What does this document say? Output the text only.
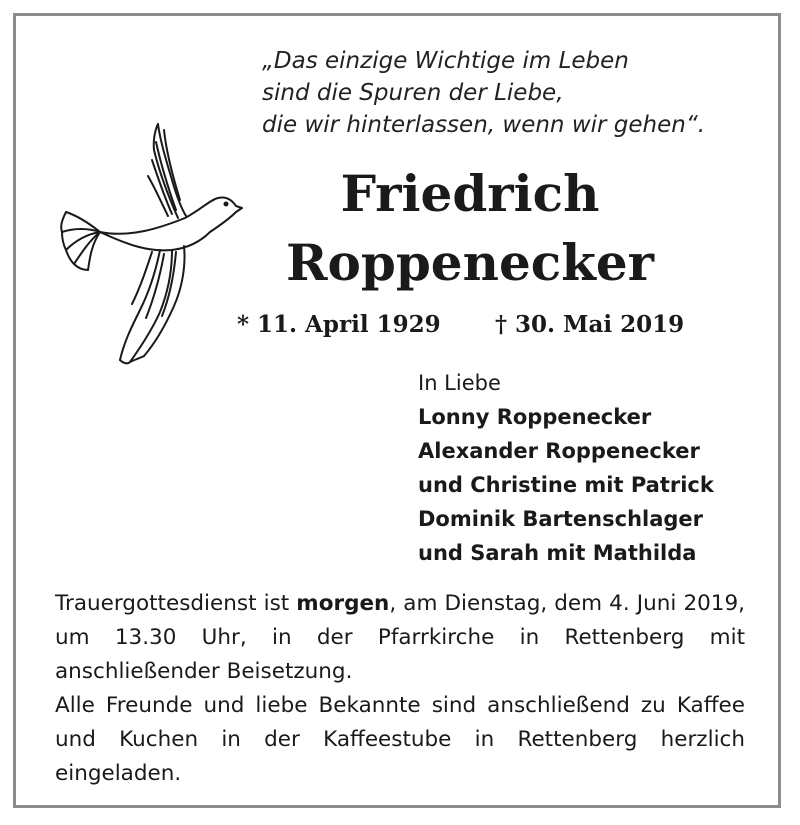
„Das einzige Wichtige im Leben
sind die Spuren der Liebe,
die wir hinterlassen, wenn wir gehen“.
Friedrich
Roppenecker
* 11. April 1929 † 30. Mai 2019
In Liebe
Lonny Roppenecker
Alexander Roppenecker
und Christine mit Patrick
Dominik Bartenschlager
und Sarah mit Mathilda

Trauergottesdienst ist morgen, am Dienstag, dem 4. Juni 2019, um 13.30 Uhr, in der Pfarrkirche in Rettenberg mit anschließender Beisetzung.

Alle Freunde und liebe Bekannte sind anschließend zu Kaffee und Kuchen in der Kaffeestube in Rettenberg herzlich eingeladen.
